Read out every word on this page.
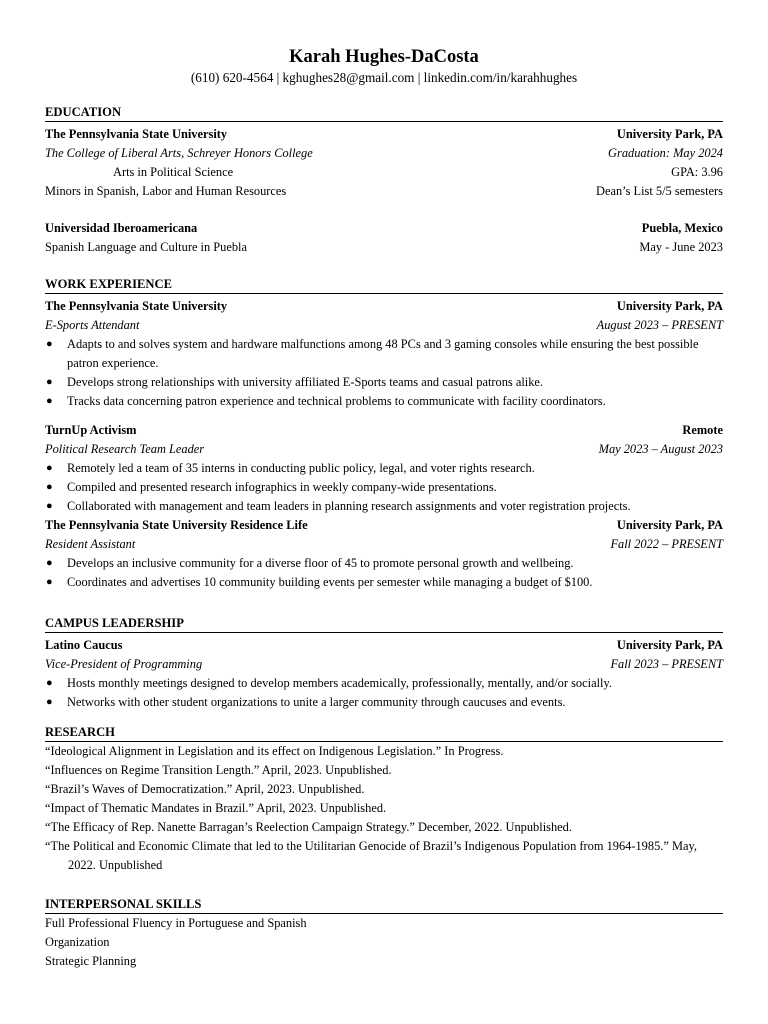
Karah Hughes-DaCosta
(610) 620-4564 | kghughes28@gmail.com | linkedin.com/in/karahhughes
EDUCATION
The Pennsylvania State University	University Park, PA
The College of Liberal Arts, Schreyer Honors College	Graduation: May 2024
Arts in Political Science	GPA: 3.96
Minors in Spanish, Labor and Human Resources	Dean’s List 5/5 semesters
Universidad Iberoamericana	Puebla, Mexico
Spanish Language and Culture in Puebla	May - June 2023
WORK EXPERIENCE
The Pennsylvania State University	University Park, PA
E-Sports Attendant	August 2023 – PRESENT
● Adapts to and solves system and hardware malfunctions among 48 PCs and 3 gaming consoles while ensuring the best possible patron experience.
● Develops strong relationships with university affiliated E-Sports teams and casual patrons alike.
● Tracks data concerning patron experience and technical problems to communicate with facility coordinators.
TurnUp Activism	Remote
Political Research Team Leader	May 2023 – August 2023
● Remotely led a team of 35 interns in conducting public policy, legal, and voter rights research.
● Compiled and presented research infographics in weekly company-wide presentations.
● Collaborated with management and team leaders in planning research assignments and voter registration projects.
The Pennsylvania State University Residence Life	University Park, PA
Resident Assistant	Fall 2022 – PRESENT
● Develops an inclusive community for a diverse floor of 45 to promote personal growth and wellbeing.
● Coordinates and advertises 10 community building events per semester while managing a budget of $100.
CAMPUS LEADERSHIP
Latino Caucus	University Park, PA
Vice-President of Programming	Fall 2023 – PRESENT
● Hosts monthly meetings designed to develop members academically, professionally, mentally, and/or socially.
● Networks with other student organizations to unite a larger community through caucuses and events.
RESEARCH
“Ideological Alignment in Legislation and its effect on Indigenous Legislation.” In Progress.
“Influences on Regime Transition Length.” April, 2023. Unpublished.
“Brazil’s Waves of Democratization.” April, 2023. Unpublished.
“Impact of Thematic Mandates in Brazil.” April, 2023. Unpublished.
“The Efficacy of Rep. Nanette Barragan’s Reelection Campaign Strategy.” December, 2022. Unpublished.
“The Political and Economic Climate that led to the Utilitarian Genocide of Brazil’s Indigenous Population from 1964-1985.” May, 2022. Unpublished
INTERPERSONAL SKILLS
Full Professional Fluency in Portuguese and Spanish
Organization
Strategic Planning
